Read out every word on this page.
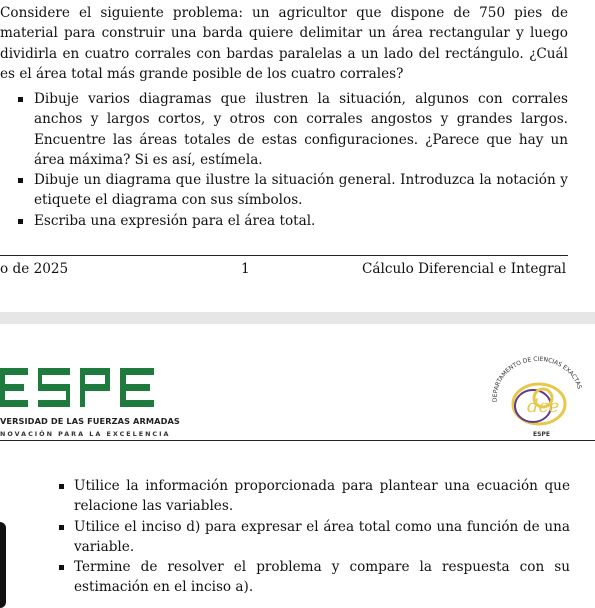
Considere el siguiente problema: un agricultor que dispone de 750 pies de material para construir una barda quiere delimitar un área rectangular y luego dividirla en cuatro corrales con bardas paralelas a un lado del rectángulo. ¿Cuál es el área total más grande posible de los cuatro corrales?
Dibuje varios diagramas que ilustren la situación, algunos con corrales anchos y largos cortos, y otros con corrales angostos y grandes largos. Encuentre las áreas totales de estas configuraciones. ¿Parece que hay un área máxima? Si es así, estímela.
Dibuje un diagrama que ilustre la situación general. Introduzca la notación y etiquete el diagrama con sus símbolos.
Escriba una expresión para el área total.
o de 2025	1	Cálculo Diferencial e Integral
VERSIDAD DE LAS FUERZAS ARMADAS
NOVACIÓN PARA LA EXCELENCIA
DEPARTAMENTO DE CIENCIAS EXACTAS
dce
ESPE
Utilice la información proporcionada para plantear una ecuación que relacione las variables.
Utilice el inciso d) para expresar el área total como una función de una variable.
Termine de resolver el problema y compare la respuesta con su estimación en el inciso a).
